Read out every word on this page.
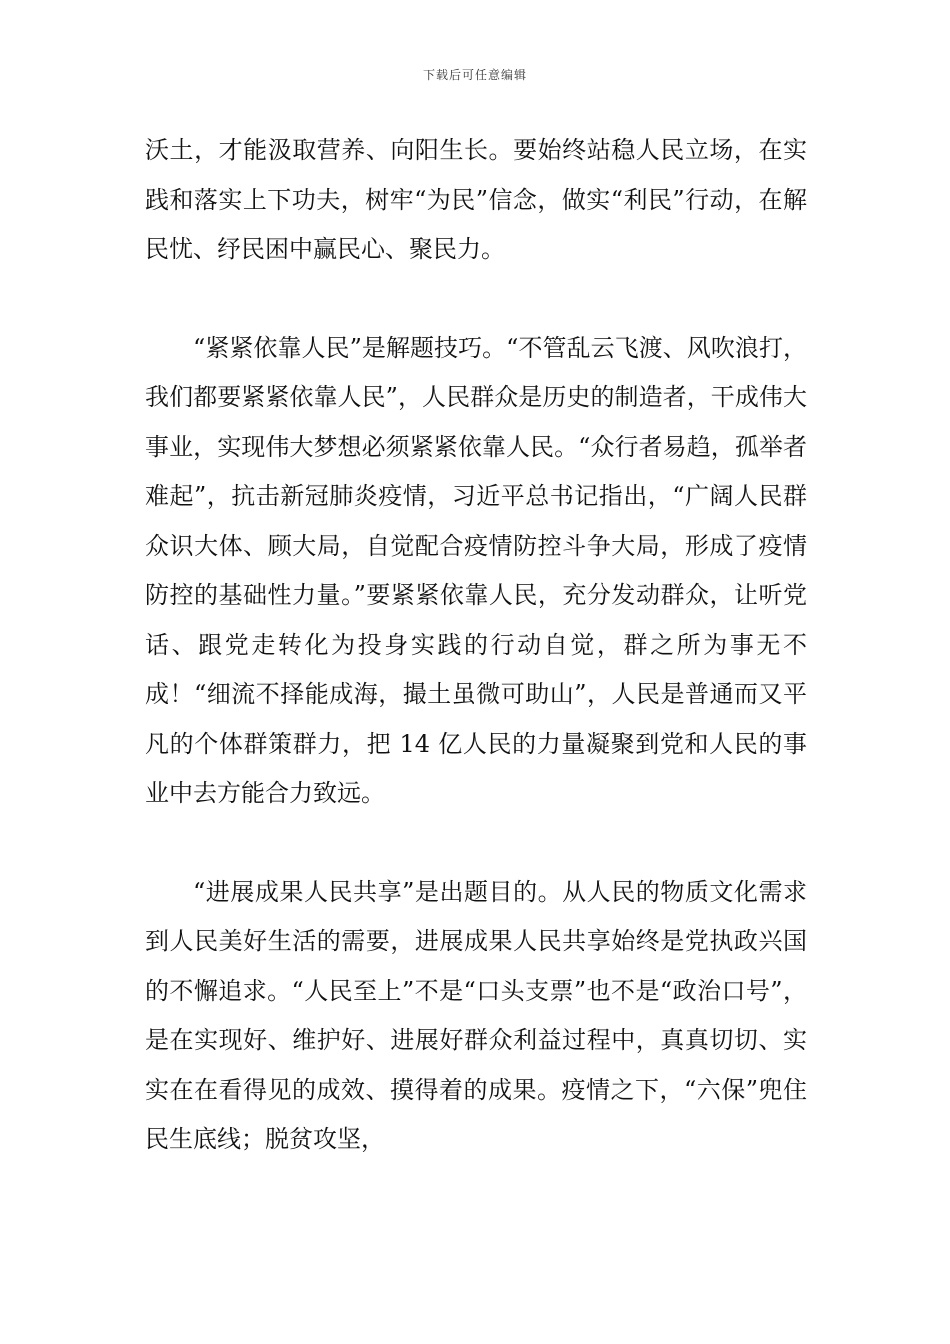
下载后可任意编辑

沃土，才能汲取营养、向阳生长。要始终站稳人民立场，在实践和落实上下功夫，树牢“为民”信念，做实“利民”行动，在解民忧、纾民困中赢民心、聚民力。

“紧紧依靠人民”是解题技巧。“不管乱云飞渡、风吹浪打，我们都要紧紧依靠人民”，人民群众是历史的制造者，干成伟大事业，实现伟大梦想必须紧紧依靠人民。“众行者易趋，孤举者难起”，抗击新冠肺炎疫情，习近平总书记指出，“广阔人民群众识大体、顾大局，自觉配合疫情防控斗争大局，形成了疫情防控的基础性力量。”要紧紧依靠人民，充分发动群众，让听党话、跟党走转化为投身实践的行动自觉，群之所为事无不成！“细流不择能成海，撮土虽微可助山”，人民是普通而又平凡的个体群策群力，把 14 亿人民的力量凝聚到党和人民的事业中去方能合力致远。

“进展成果人民共享”是出题目的。从人民的物质文化需求到人民美好生活的需要，进展成果人民共享始终是党执政兴国的不懈追求。“人民至上”不是“口头支票”也不是“政治口号”，是在实现好、维护好、进展好群众利益过程中，真真切切、实实在在看得见的成效、摸得着的成果。疫情之下，“六保”兜住民生底线；脱贫攻坚，
